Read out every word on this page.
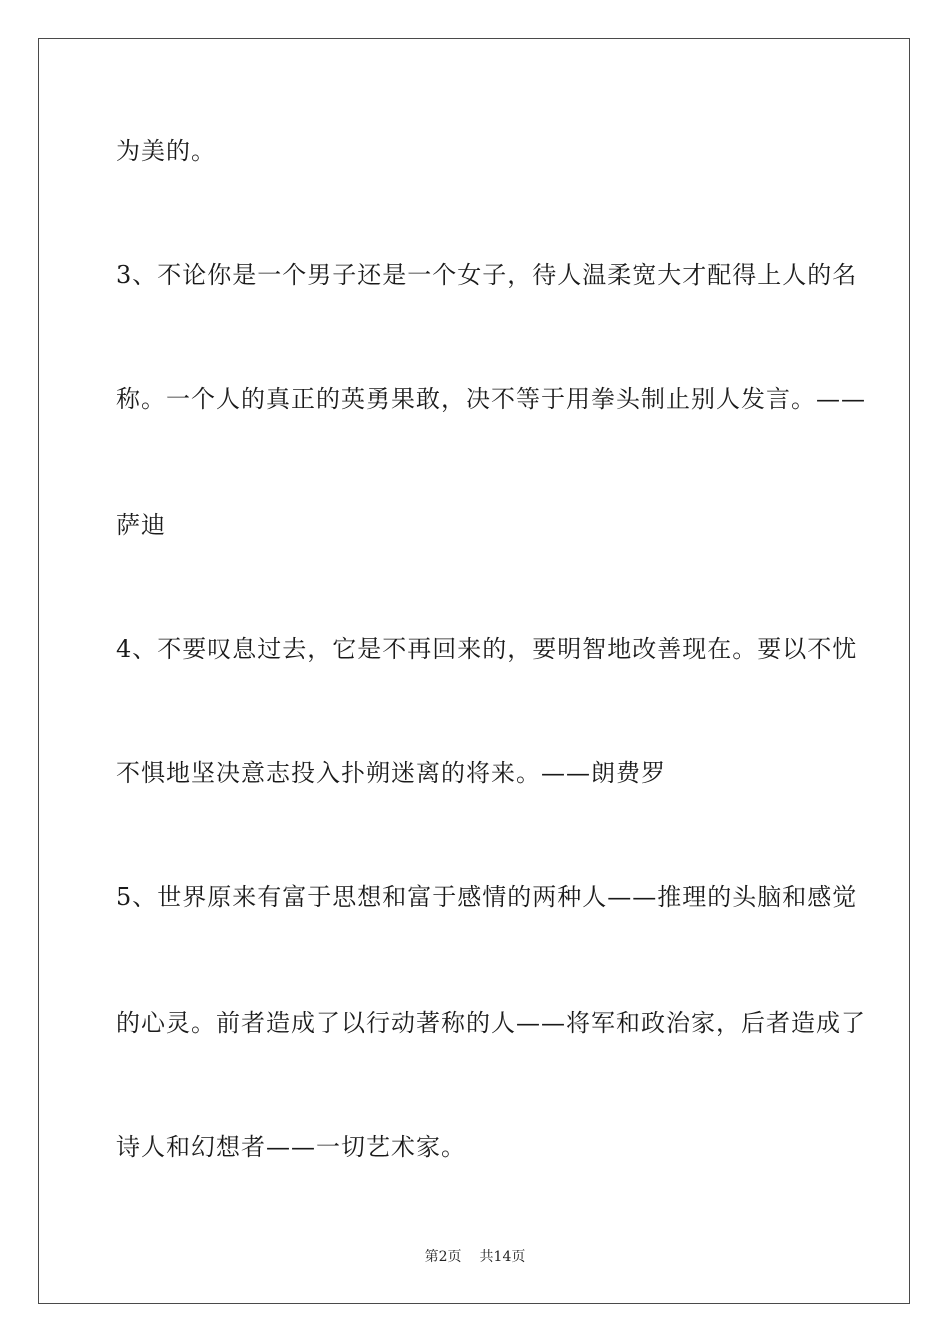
为美的。
3、不论你是一个男子还是一个女子，待人温柔宽大才配得上人的名
称。一个人的真正的英勇果敢，决不等于用拳头制止别人发言。——
萨迪
4、不要叹息过去，它是不再回来的，要明智地改善现在。要以不忧
不惧地坚决意志投入扑朔迷离的将来。——朗费罗
5、世界原来有富于思想和富于感情的两种人——推理的头脑和感觉
的心灵。前者造成了以行动著称的人——将军和政治家，后者造成了
诗人和幻想者——一切艺术家。
第2页 共14页
